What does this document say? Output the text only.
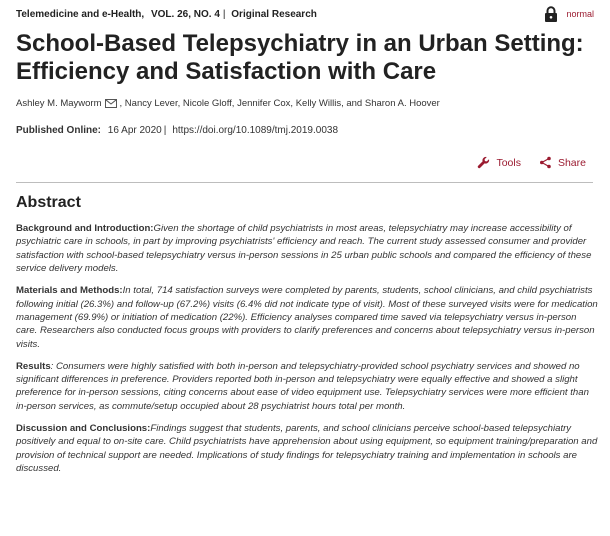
Telemedicine and e-Health, VOL. 26, NO. 4 | Original Research	normal
School-Based Telepsychiatry in an Urban Setting: Efficiency and Satisfaction with Care
Ashley M. Mayworm , Nancy Lever, Nicole Gloff, Jennifer Cox, Kelly Willis, and Sharon A. Hoover
Published Online: 16 Apr 2020 | https://doi.org/10.1089/tmj.2019.0038
Tools	Share
Abstract

Background and Introduction:Given the shortage of child psychiatrists in most areas, telepsychiatry may increase accessibility of psychiatric care in schools, in part by improving psychiatrists' efficiency and reach. The current study assessed consumer and provider satisfaction with school-based telepsychiatry versus in-person sessions in 25 urban public schools and compared the efficiency of these service delivery models.

Materials and Methods:In total, 714 satisfaction surveys were completed by parents, students, school clinicians, and child psychiatrists following initial (26.3%) and follow-up (67.2%) visits (6.4% did not indicate type of visit). Most of these surveyed visits were for medication management (69.9%) or initiation of medication (22%). Efficiency analyses compared time saved via telepsychiatry versus in-person care. Researchers also conducted focus groups with providers to clarify preferences and concerns about telepsychiatry versus in-person visits.

Results: Consumers were highly satisfied with both in-person and telepsychiatry-provided school psychiatry services and showed no significant differences in preference. Providers reported both in-person and telepsychiatry were equally effective and showed a slight preference for in-person sessions, citing concerns about ease of video equipment use. Telepsychiatry services were more efficient than in-person services, as commute/setup occupied about 28 psychiatrist hours total per month.

Discussion and Conclusions:Findings suggest that students, parents, and school clinicians perceive school-based telepsychiatry positively and equal to on-site care. Child psychiatrists have apprehension about using equipment, so equipment training/preparation and provision of technical support are needed. Implications of study findings for telepsychiatry training and implementation in schools are discussed.
